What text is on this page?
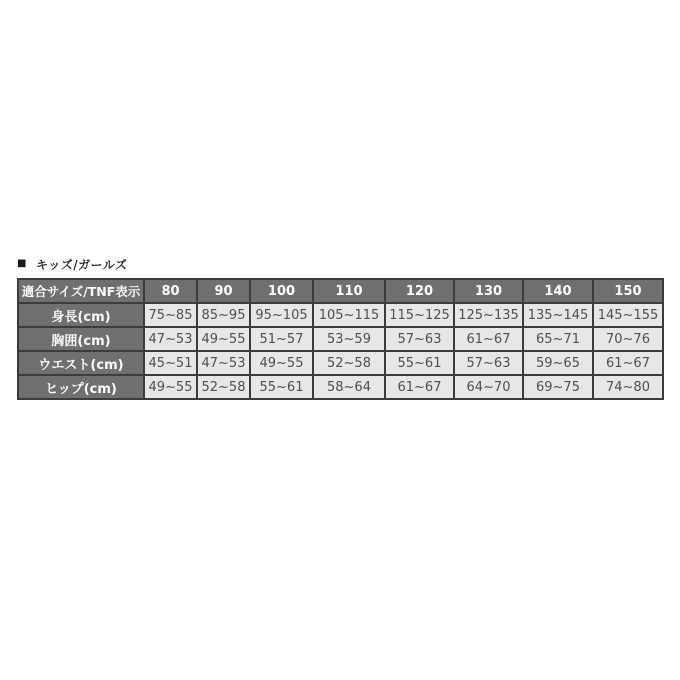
■ キッズ/ガールズ
適合サイズ/TNF表示	80	90	100	110	120	130	140	150
身長(cm)	75~85	85~95	95~105	105~115	115~125	125~135	135~145	145~155
胸囲(cm)	47~53	49~55	51~57	53~59	57~63	61~67	65~71	70~76
ウエスト(cm)	45~51	47~53	49~55	52~58	55~61	57~63	59~65	61~67
ヒップ(cm)	49~55	52~58	55~61	58~64	61~67	64~70	69~75	74~80
